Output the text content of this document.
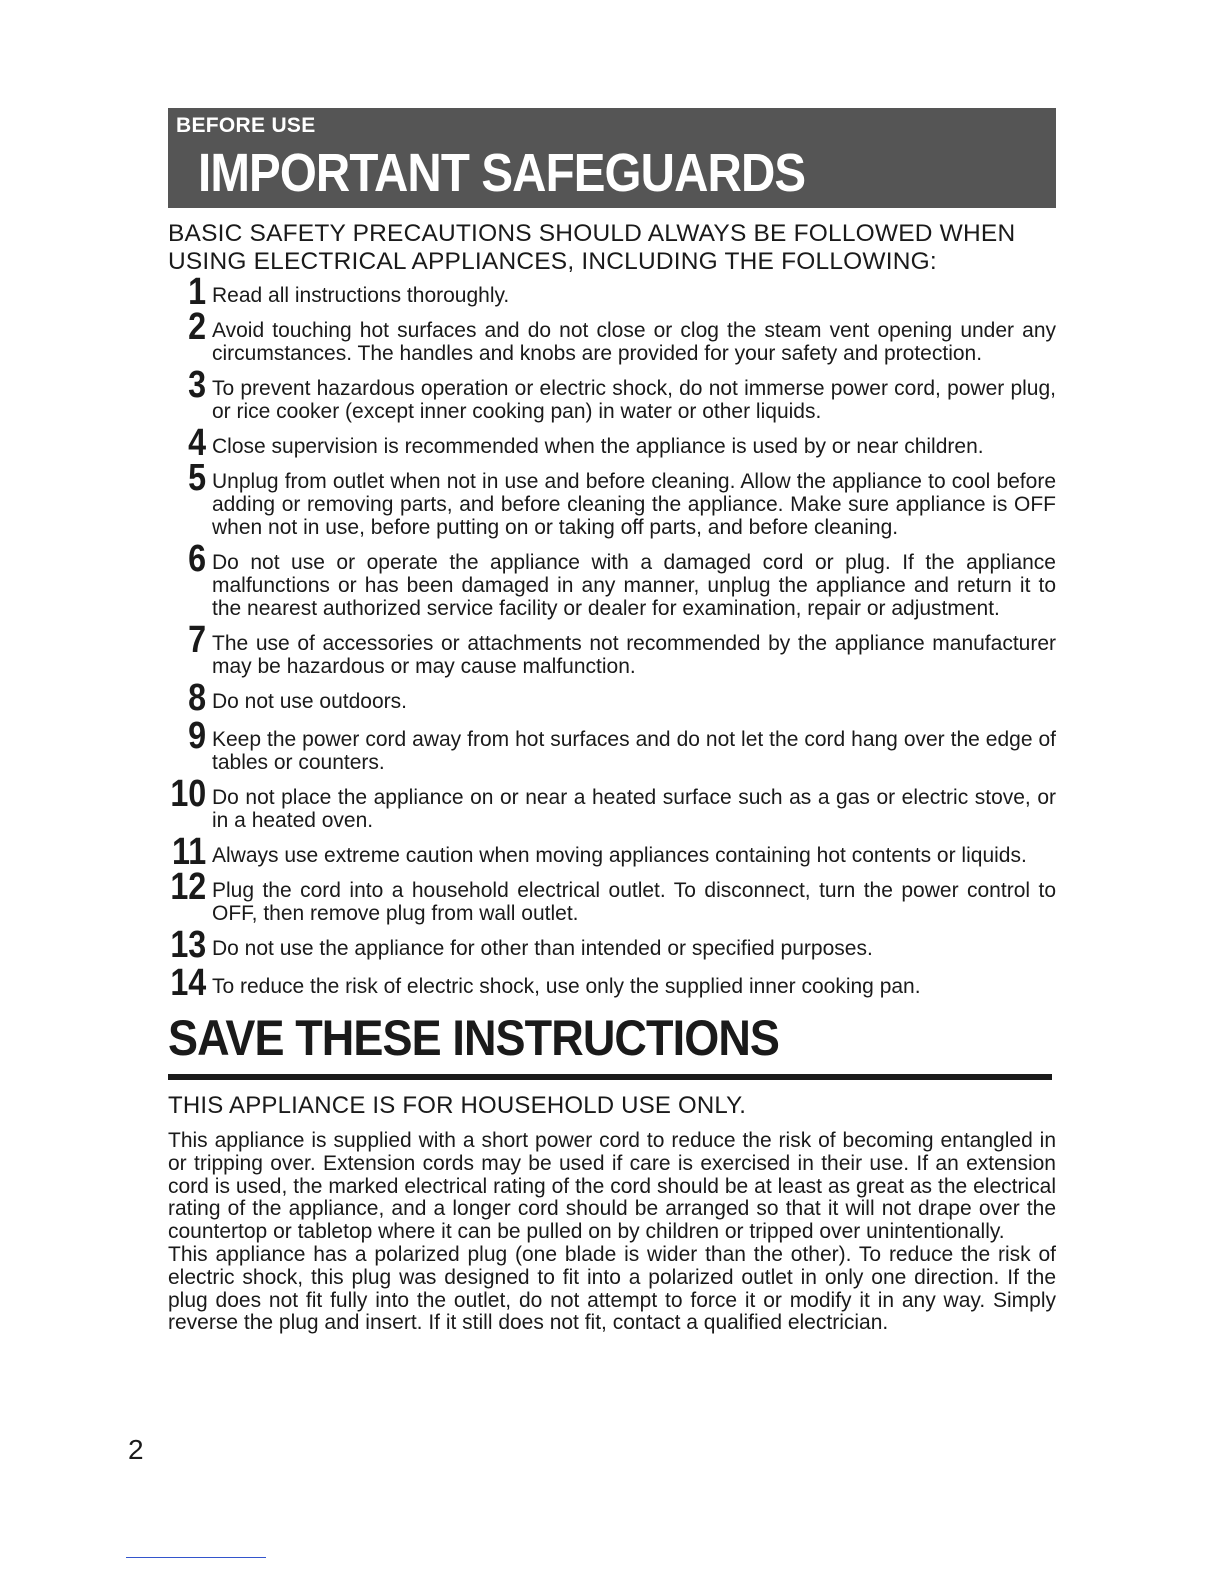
BEFORE USE
IMPORTANT SAFEGUARDS
BASIC SAFETY PRECAUTIONS SHOULD ALWAYS BE FOLLOWED WHEN USING ELECTRICAL APPLIANCES, INCLUDING THE FOLLOWING:
1 Read all instructions thoroughly.
2 Avoid touching hot surfaces and do not close or clog the steam vent opening under any circumstances. The handles and knobs are provided for your safety and protection.
3 To prevent hazardous operation or electric shock, do not immerse power cord, power plug, or rice cooker (except inner cooking pan) in water or other liquids.
4 Close supervision is recommended when the appliance is used by or near children.
5 Unplug from outlet when not in use and before cleaning. Allow the appliance to cool before adding or removing parts, and before cleaning the appliance. Make sure appliance is OFF when not in use, before putting on or taking off parts, and before cleaning.
6 Do not use or operate the appliance with a damaged cord or plug. If the appliance malfunctions or has been damaged in any manner, unplug the appliance and return it to the nearest authorized service facility or dealer for examination, repair or adjustment.
7 The use of accessories or attachments not recommended by the appliance manufacturer may be hazardous or may cause malfunction.
8 Do not use outdoors.
9 Keep the power cord away from hot surfaces and do not let the cord hang over the edge of tables or counters.
10 Do not place the appliance on or near a heated surface such as a gas or electric stove, or in a heated oven.
11 Always use extreme caution when moving appliances containing hot contents or liquids.
12 Plug the cord into a household electrical outlet. To disconnect, turn the power control to OFF, then remove plug from wall outlet.
13 Do not use the appliance for other than intended or specified purposes.
14 To reduce the risk of electric shock, use only the supplied inner cooking pan.
SAVE THESE INSTRUCTIONS
THIS APPLIANCE IS FOR HOUSEHOLD USE ONLY.
This appliance is supplied with a short power cord to reduce the risk of becoming entangled in or tripping over. Extension cords may be used if care is exercised in their use. If an extension cord is used, the marked electrical rating of the cord should be at least as great as the electrical rating of the appliance, and a longer cord should be arranged so that it will not drape over the countertop or tabletop where it can be pulled on by children or tripped over unintentionally.
This appliance has a polarized plug (one blade is wider than the other). To reduce the risk of electric shock, this plug was designed to fit into a polarized outlet in only one direction. If the plug does not fit fully into the outlet, do not attempt to force it or modify it in any way. Simply reverse the plug and insert. If it still does not fit, contact a qualified electrician.
2
